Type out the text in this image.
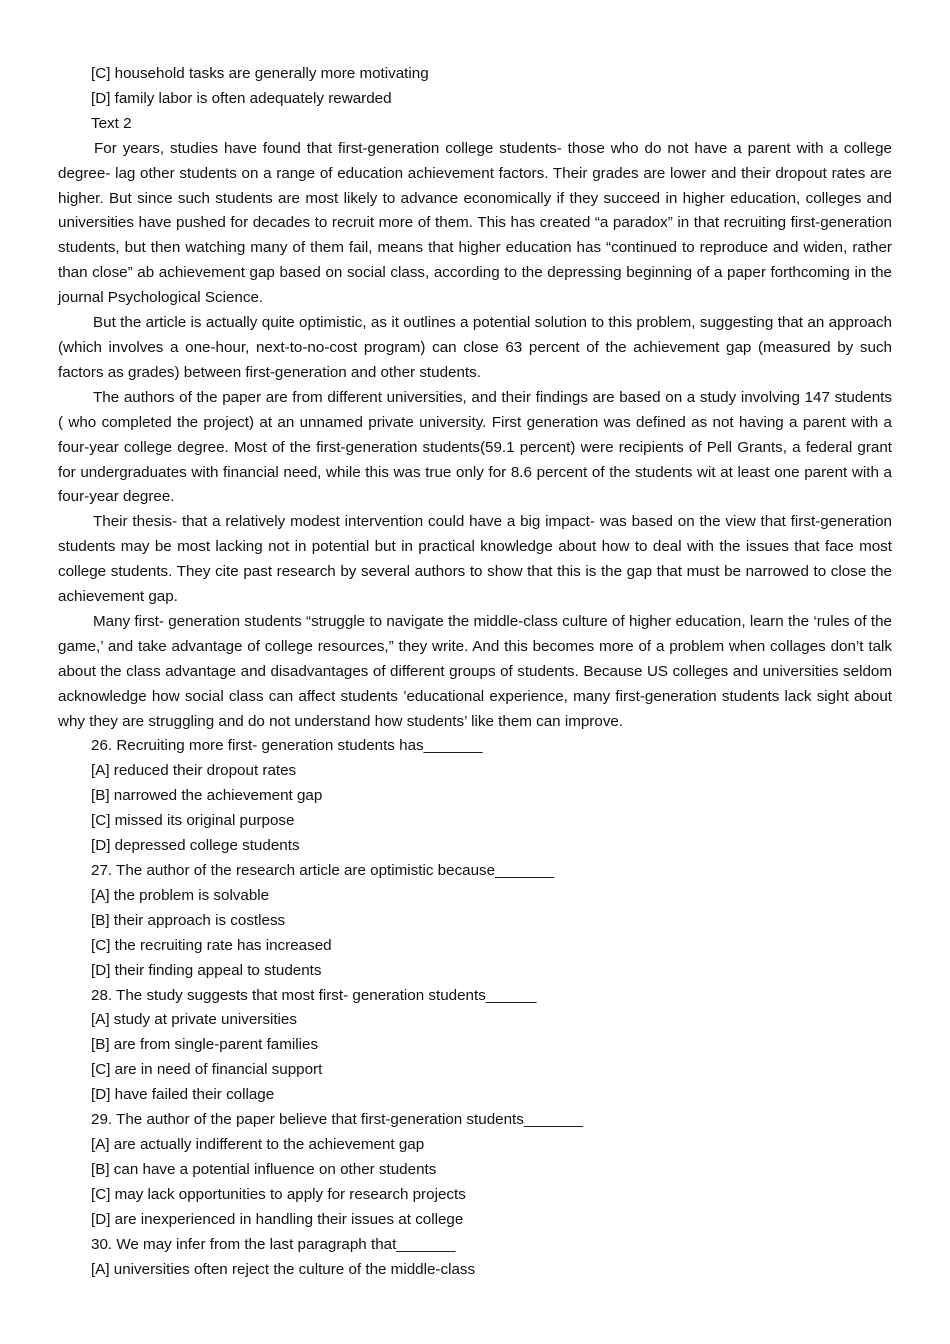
[C] household tasks are generally more motivating
[D] family labor is often adequately rewarded
Text 2

For years, studies have found that first-generation college students- those who do not have a parent with a college degree- lag other students on a range of education achievement factors. Their grades are lower and their dropout rates are higher. But since such students are most likely to advance economically if they succeed in higher education, colleges and universities have pushed for decades to recruit more of them. This has created “a paradox” in that recruiting first-generation students, but then watching many of them fail, means that higher education has “continued to reproduce and widen, rather than close” ab achievement gap based on social class, according to the depressing beginning of a paper forthcoming in the journal Psychological Science.

But the article is actually quite optimistic, as it outlines a potential solution to this problem, suggesting that an approach (which involves a one-hour, next-to-no-cost program) can close 63 percent of the achievement gap (measured by such factors as grades) between first-generation and other students.

The authors of the paper are from different universities, and their findings are based on a study involving 147 students ( who completed the project) at an unnamed private university. First generation was defined as not having a parent with a four-year college degree. Most of the first-generation students(59.1 percent) were recipients of Pell Grants, a federal grant for undergraduates with financial need, while this was true only for 8.6 percent of the students wit at least one parent with a four-year degree.

Their thesis- that a relatively modest intervention could have a big impact- was based on the view that first-generation students may be most lacking not in potential but in practical knowledge about how to deal with the issues that face most college students. They cite past research by several authors to show that this is the gap that must be narrowed to close the achievement gap.

Many first- generation students “struggle to navigate the middle-class culture of higher education, learn the ‘rules of the game,’ and take advantage of college resources,” they write. And this becomes more of a problem when collages don’t talk about the class advantage and disadvantages of different groups of students. Because US colleges and universities seldom acknowledge how social class can affect students ’educational experience, many first-generation students lack sight about why they are struggling and do not understand how students’ like them can improve.

26. Recruiting more first- generation students has_______
[A] reduced their dropout rates
[B] narrowed the achievement gap
[C] missed its original purpose
[D] depressed college students
27. The author of the research article are optimistic because_______
[A] the problem is solvable
[B] their approach is costless
[C] the recruiting rate has increased
[D] their finding appeal to students
28. The study suggests that most first- generation students______
[A] study at private universities
[B] are from single-parent families
[C] are in need of financial support
[D] have failed their collage
29. The author of the paper believe that first-generation students_______
[A] are actually indifferent to the achievement gap
[B] can have a potential influence on other students
[C] may lack opportunities to apply for research projects
[D] are inexperienced in handling their issues at college
30. We may infer from the last paragraph that_______
[A] universities often reject the culture of the middle-class
